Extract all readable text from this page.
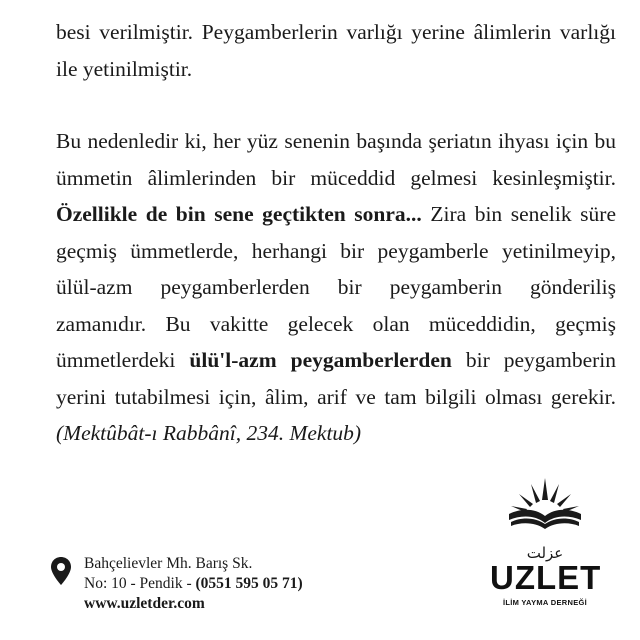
besi verilmiştir. Peygamberlerin varlığı yerine âlimlerin varlığı ile yetinilmiştir.

Bu nedenledir ki, her yüz senenin başında şeriatın ihyası için bu ümmetin âlimlerinden bir müceddid gelmesi kesinleşmiştir. Özellikle de bin sene geçtikten sonra... Zira bin senelik süre geçmiş ümmetlerde, herhangi bir peygamberle yetinilmeyip, ülül-azm peygamberlerden bir peygamberin gönderiliş zamanıdır. Bu vakitte gelecek olan müceddidin, geçmiş ümmetlerdeki ülü'l-azm peygamberlerden bir peygamberin yerini tutabilmesi için, âlim, arif ve tam bilgili olması gerekir. (Mektûbât-ı Rabbânî, 234. Mektub)

Bahçelievler Mh. Barış Sk.
No: 10 - Pendik - (0551 595 05 71)
www.uzletder.com
عزلت
UZLET
İLİM YAYMA DERNEĞİ
